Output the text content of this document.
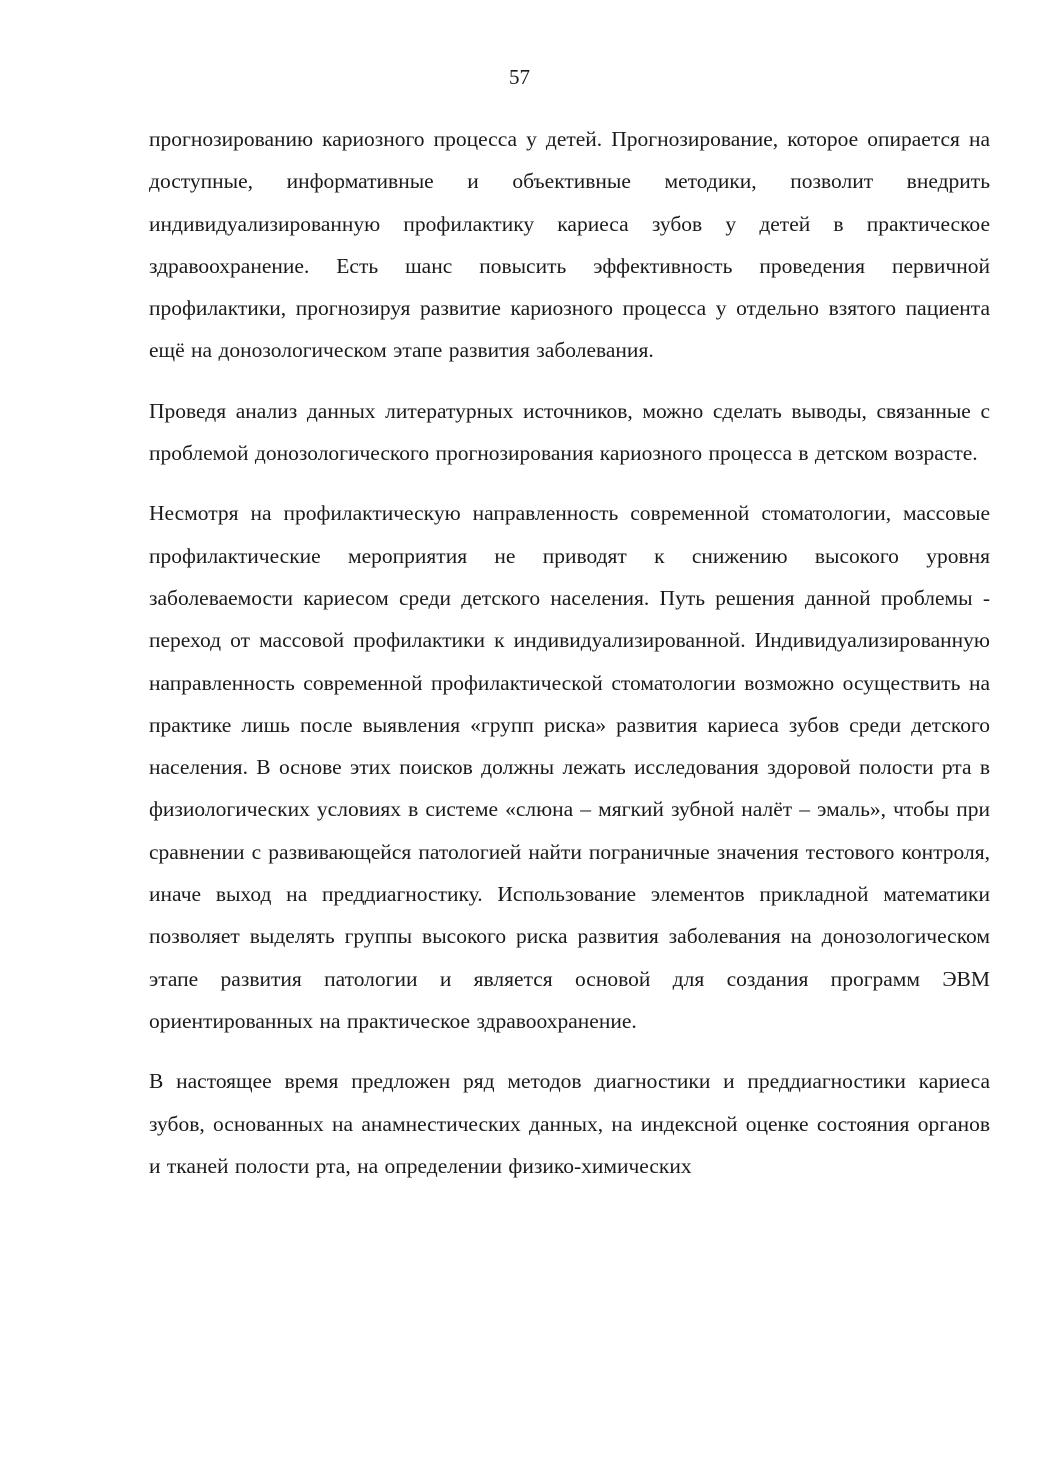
57

прогнозированию кариозного процесса у детей. Прогнозирование, которое опирается на доступные, информативные и объективные методики, позволит внедрить индивидуализированную профилактику кариеса зубов у детей в практическое здравоохранение. Есть шанс повысить эффективность проведения первичной профилактики, прогнозируя развитие кариозного процесса у отдельно взятого пациента ещё на донозологическом этапе развития заболевания.

Проведя анализ данных литературных источников, можно сделать выводы, связанные с проблемой донозологического прогнозирования кариозного процесса в детском возрасте.

Несмотря на профилактическую направленность современной стоматологии, массовые профилактические мероприятия не приводят к снижению высокого уровня заболеваемости кариесом среди детского населения. Путь решения данной проблемы - переход от массовой профилактики к индивидуализированной. Индивидуализированную направленность современной профилактической стоматологии возможно осуществить на практике лишь после выявления «групп риска» развития кариеса зубов среди детского населения. В основе этих поисков должны лежать исследования здоровой полости рта в физиологических условиях в системе «слюна – мягкий зубной налёт – эмаль», чтобы при сравнении с развивающейся патологией найти пограничные значения тестового контроля, иначе выход на преддиагностику. Использование элементов прикладной математики позволяет выделять группы высокого риска развития заболевания на донозологическом этапе развития патологии и является основой для создания программ ЭВМ ориентированных на практическое здравоохранение.

В настоящее время предложен ряд методов диагностики и преддиагностики кариеса зубов, основанных на анамнестических данных, на индексной оценке состояния органов и тканей полости рта, на определении физико-химических
